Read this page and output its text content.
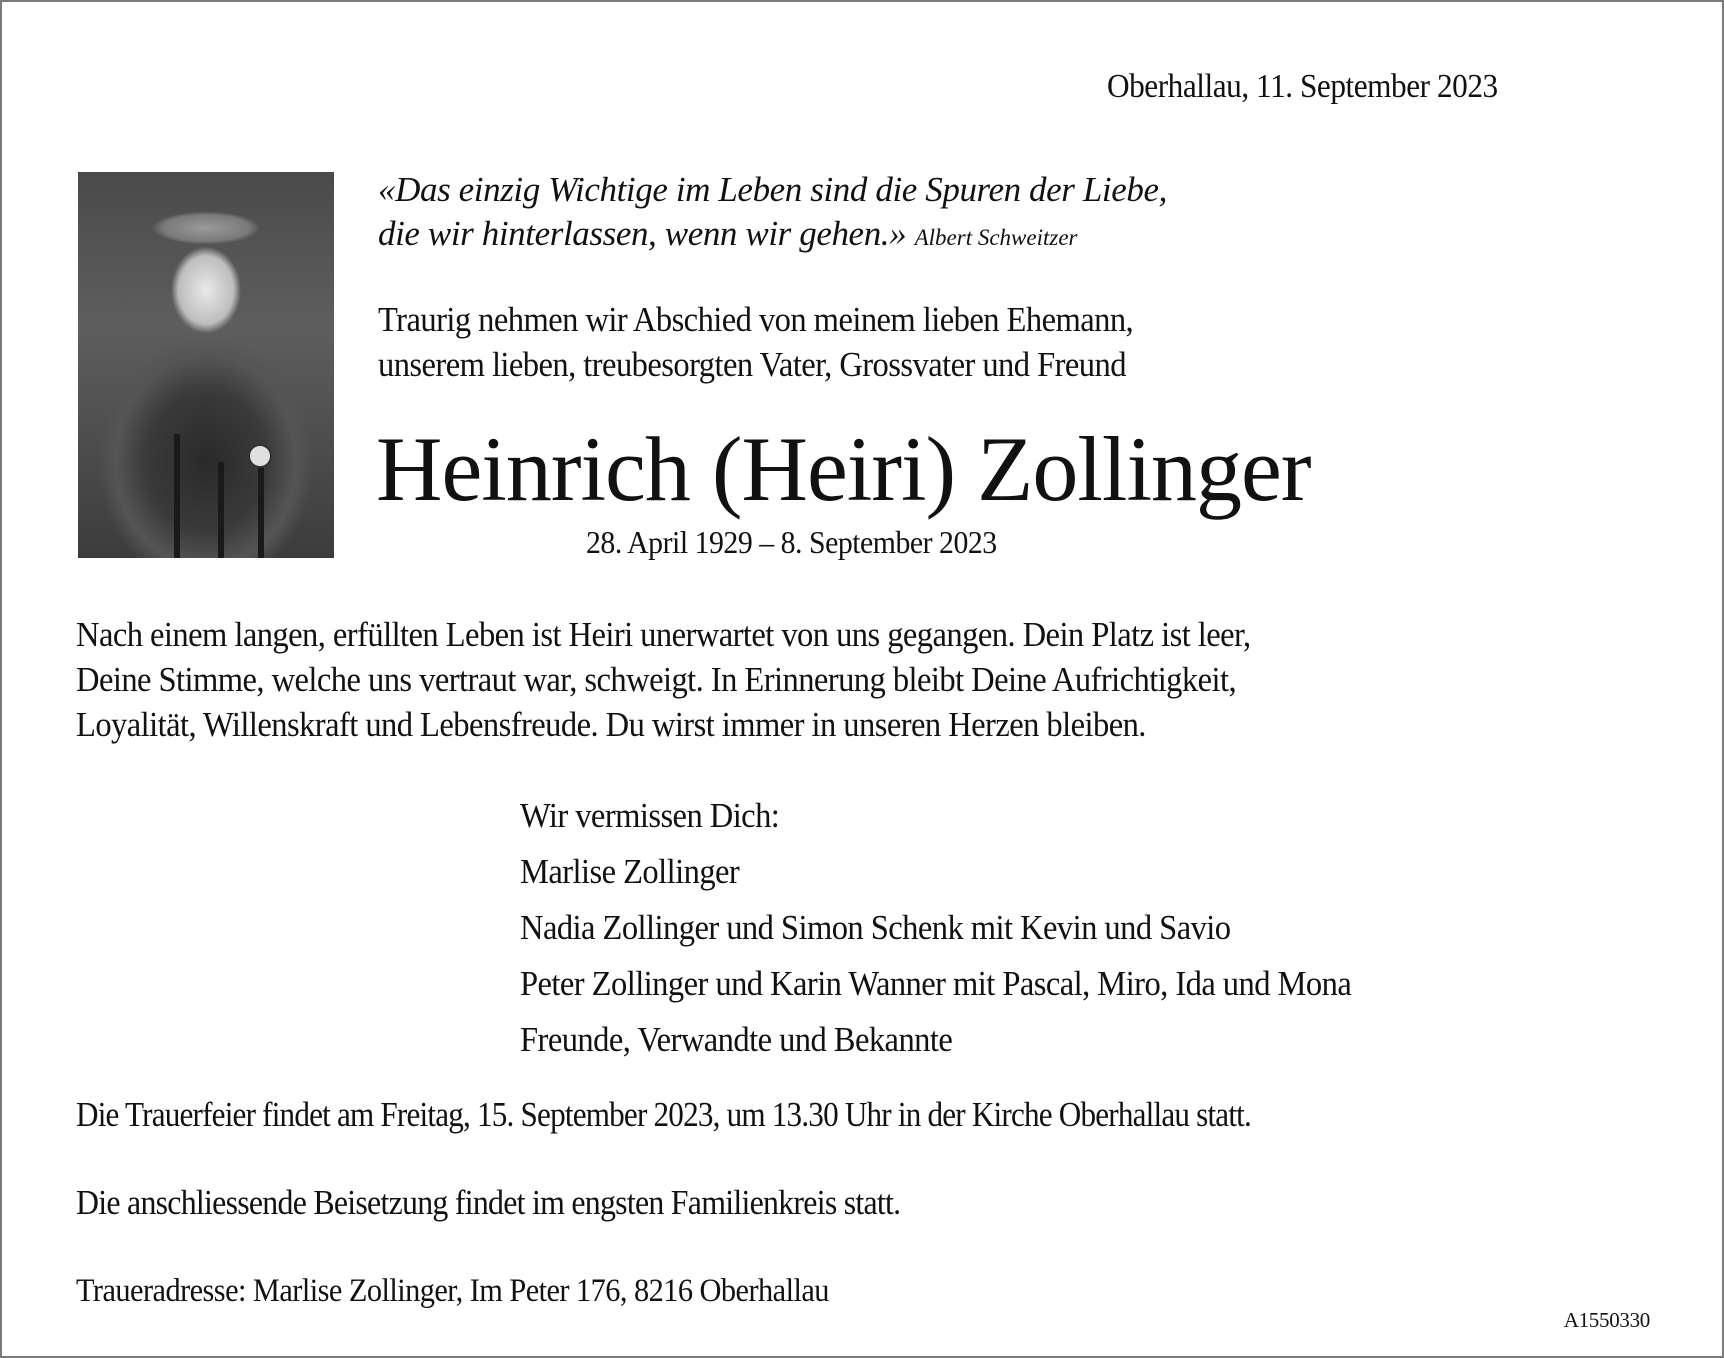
Oberhallau, 11. September 2023
«Das einzig Wichtige im Leben sind die Spuren der Liebe,
die wir hinterlassen, wenn wir gehen.» Albert Schweitzer
Traurig nehmen wir Abschied von meinem lieben Ehemann,
unserem lieben, treubesorgten Vater, Grossvater und Freund
Heinrich (Heiri) Zollinger
28. April 1929 – 8. September 2023
Nach einem langen, erfüllten Leben ist Heiri unerwartet von uns gegangen. Dein Platz ist leer,
Deine Stimme, welche uns vertraut war, schweigt. In Erinnerung bleibt Deine Aufrichtigkeit,
Loyalität, Willenskraft und Lebensfreude. Du wirst immer in unseren Herzen bleiben.
Wir vermissen Dich:
Marlise Zollinger
Nadia Zollinger und Simon Schenk mit Kevin und Savio
Peter Zollinger und Karin Wanner mit Pascal, Miro, Ida und Mona
Freunde, Verwandte und Bekannte
Die Trauerfeier findet am Freitag, 15. September 2023, um 13.30 Uhr in der Kirche Oberhallau statt.
Die anschliessende Beisetzung findet im engsten Familienkreis statt.
Traueradresse: Marlise Zollinger, Im Peter 176, 8216 Oberhallau
A1550330
